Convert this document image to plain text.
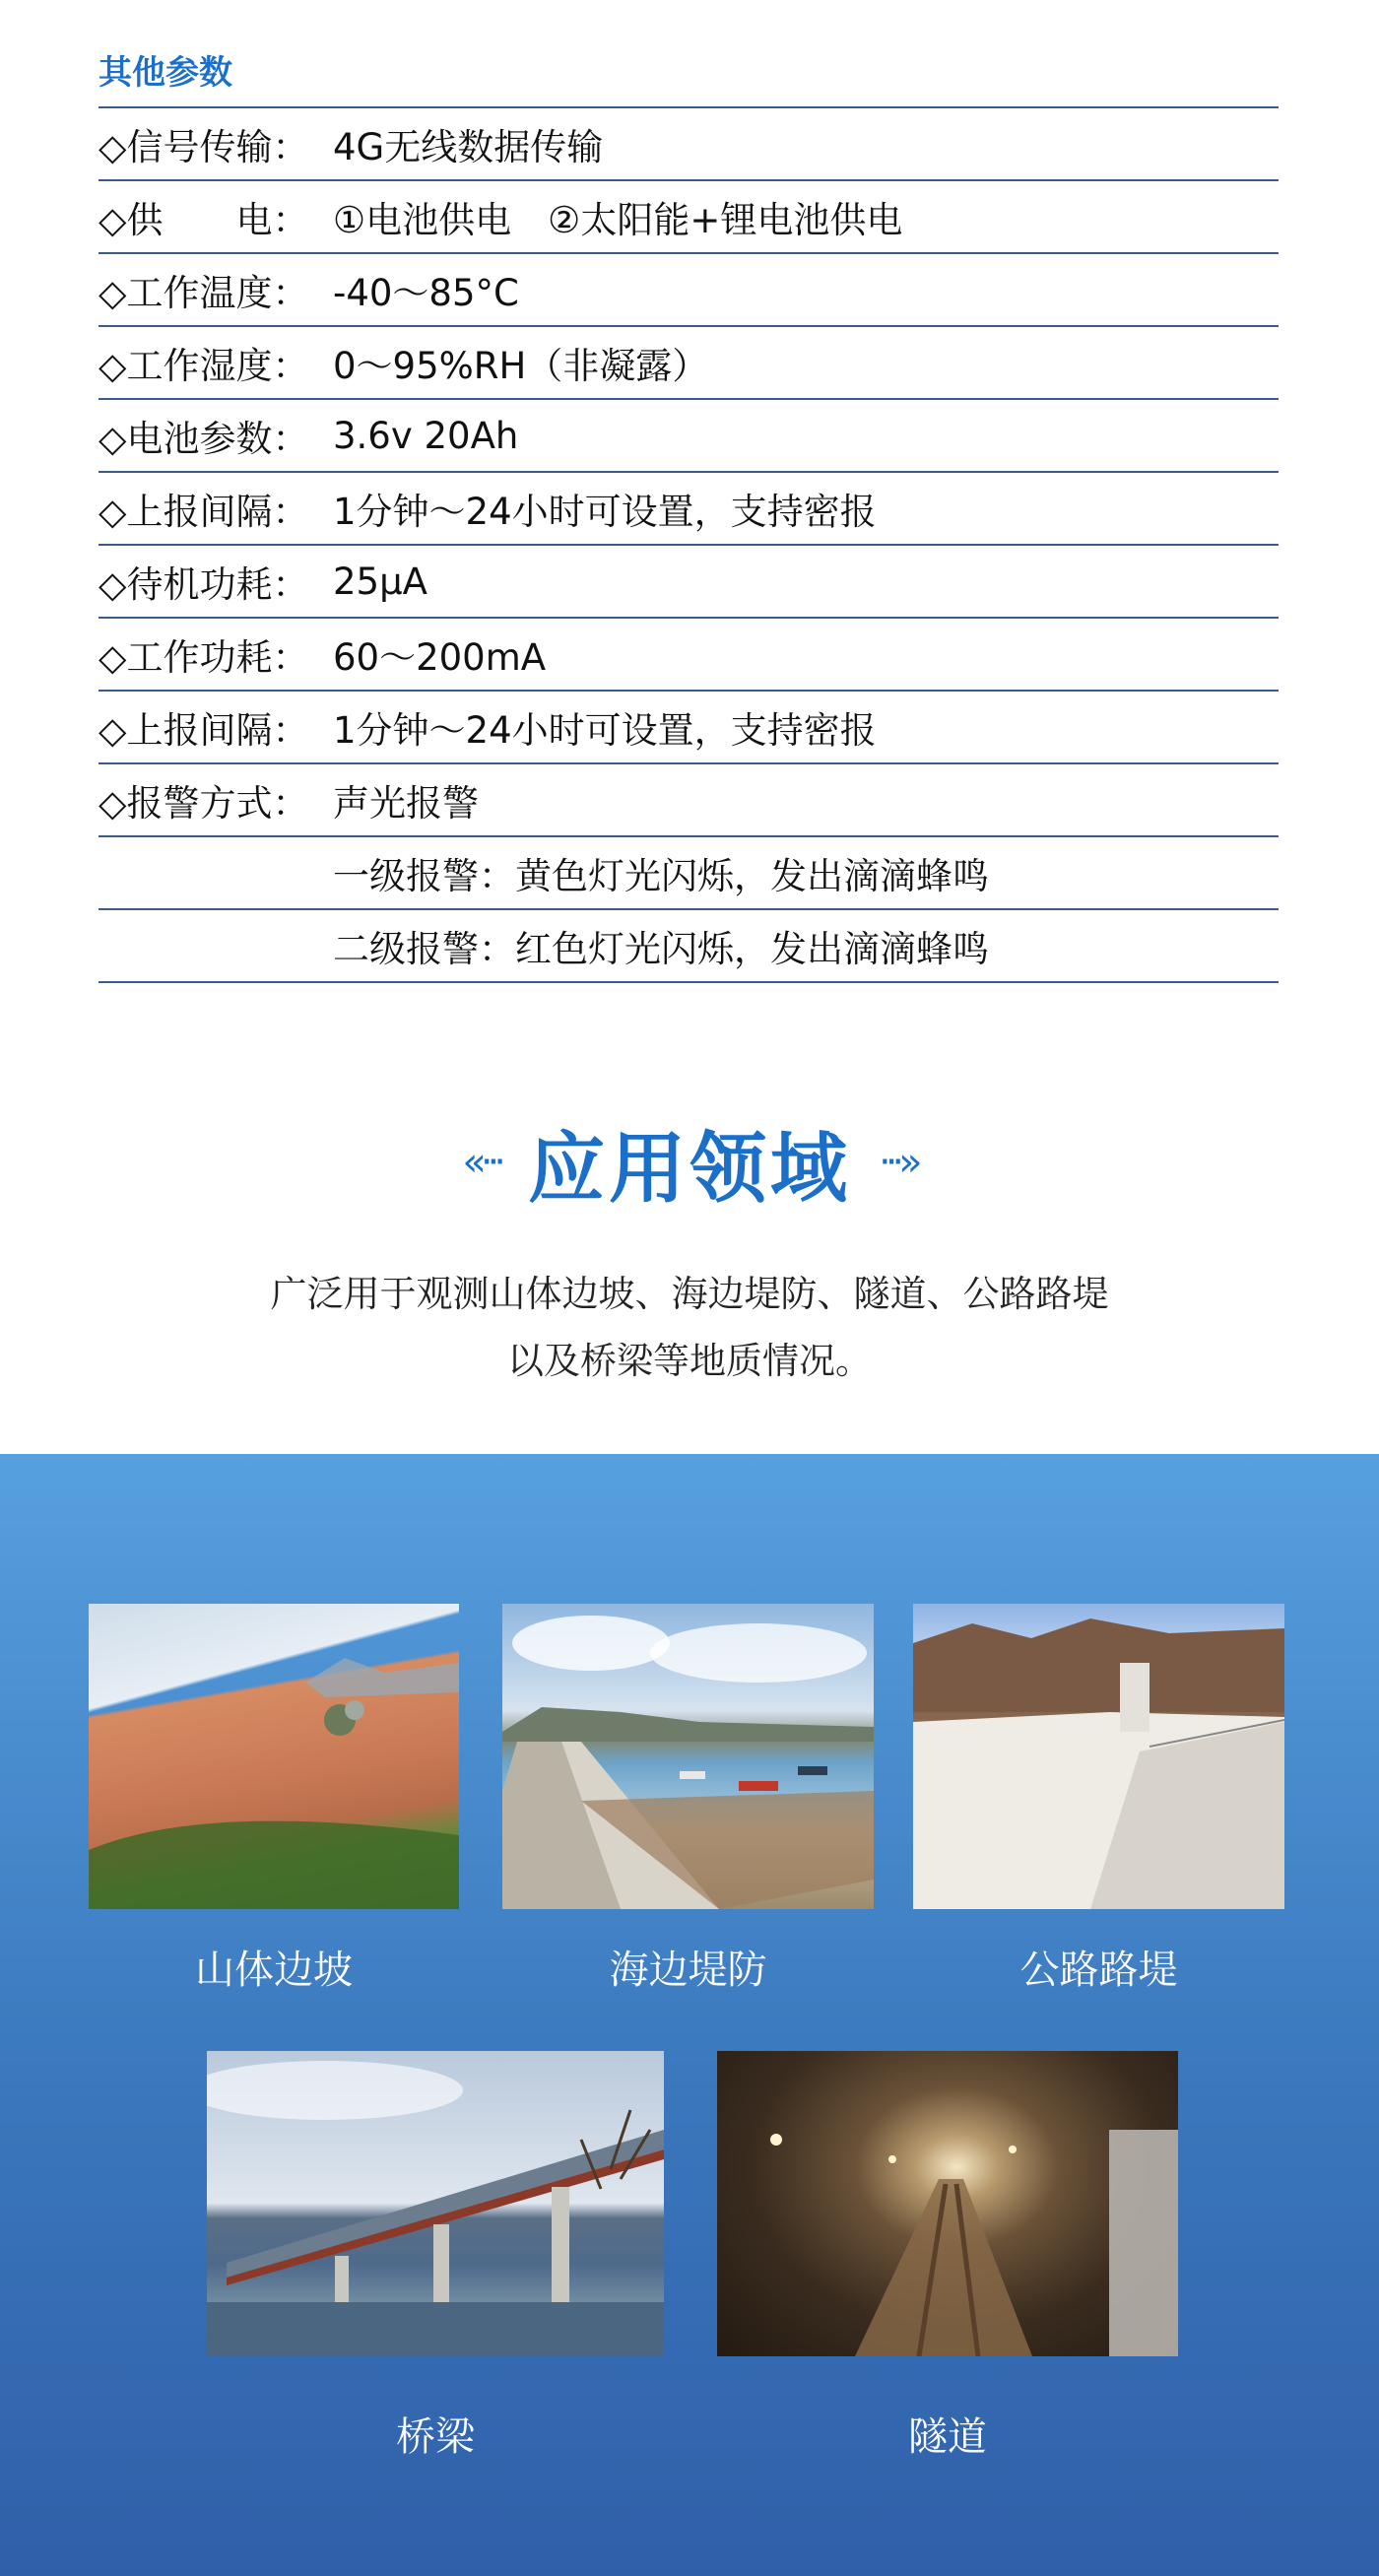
其他参数
◇信号传输： 4G无线数据传输
◇供　　电： ①电池供电　②太阳能+锂电池供电
◇工作温度： -40～85°C
◇工作湿度： 0～95%RH（非凝露）
◇电池参数： 3.6v 20Ah
◇上报间隔： 1分钟～24小时可设置，支持密报
◇待机功耗： 25μA
◇工作功耗： 60～200mA
◇上报间隔： 1分钟～24小时可设置，支持密报
◇报警方式： 声光报警
一级报警：黄色灯光闪烁，发出滴滴蜂鸣
二级报警：红色灯光闪烁，发出滴滴蜂鸣
«··· 应用领域 ···»
广泛用于观测山体边坡、海边堤防、隧道、公路路堤
以及桥梁等地质情况。
山体边坡	海边堤防	公路路堤
桥梁	隧道
